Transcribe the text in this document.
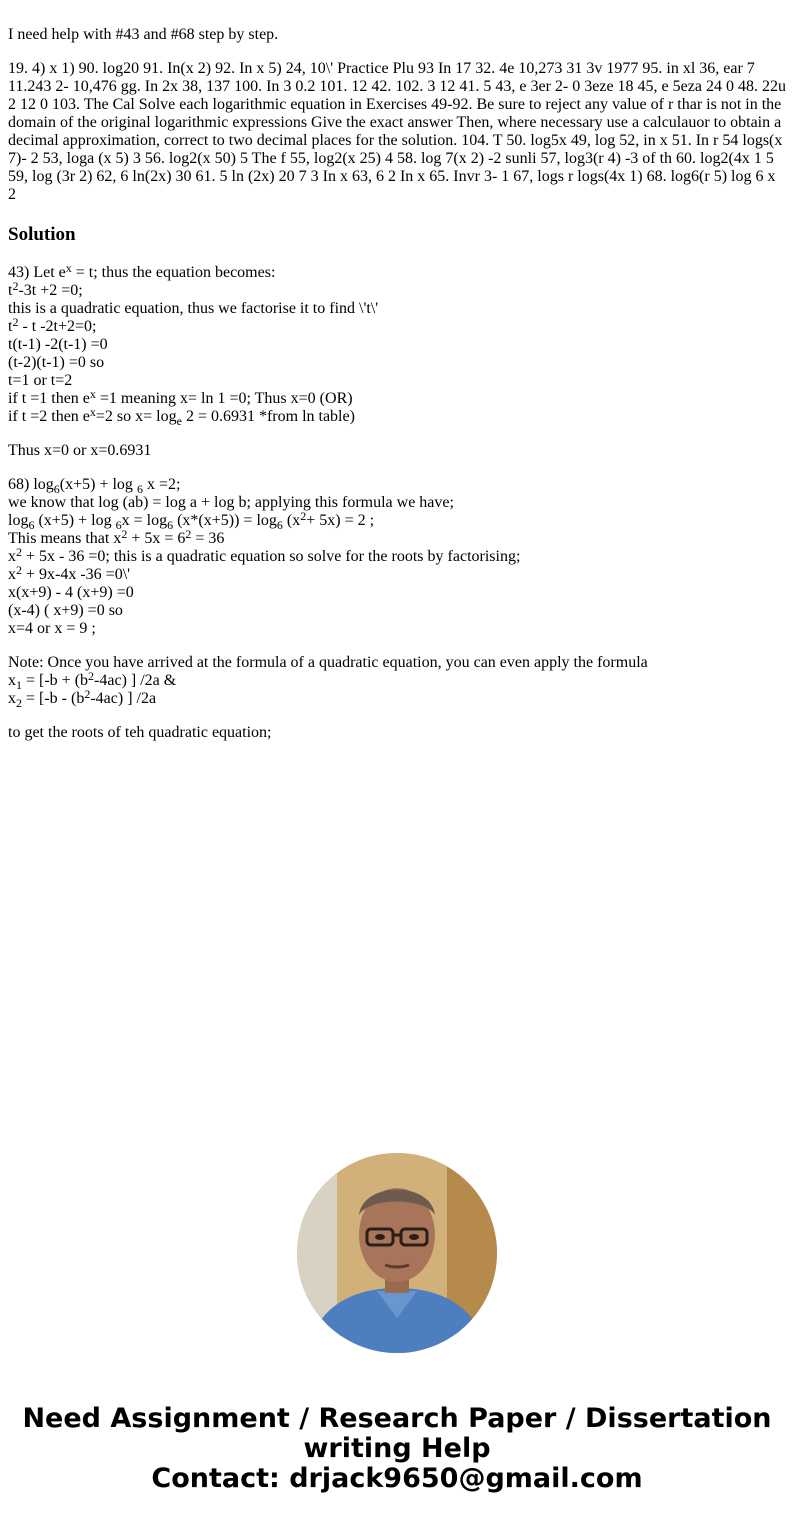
I need help with #43 and #68 step by step.

19. 4) x 1) 90. log20 91. In(x 2) 92. In x 5) 24, 10\' Practice Plu 93 In 17 32. 4e 10,273 31 3v 1977 95. in xl 36, ear 7 11.243 2- 10,476 gg. In 2x 38, 137 100. In 3 0.2 101. 12 42. 102. 3 12 41. 5 43, e 3er 2- 0 3eze 18 45, e 5eza 24 0 48. 22u 2 12 0 103. The Cal Solve each logarithmic equation in Exercises 49-92. Be sure to reject any value of r thar is not in the domain of the original logarithmic expressions Give the exact answer Then, where necessary use a calculauor to obtain a decimal approximation, correct to two decimal places for the solution. 104. T 50. log5x 49, log 52, in x 51. In r 54 logs(x 7)- 2 53, loga (x 5) 3 56. log2(x 50) 5 The f 55, log2(x 25) 4 58. log 7(x 2) -2 sunli 57, log3(r 4) -3 of th 60. log2(4x 1 5 59, log (3r 2) 62, 6 ln(2x) 30 61. 5 ln (2x) 20 7 3 In x 63, 6 2 In x 65. Invr 3- 1 67, logs r logs(4x 1) 68. log6(r 5) log 6 x 2

Solution

43) Let $e^x = t$; thus the equation becomes:

$t^2-3t +2 =0$;

this is a quadratic equation, thus we factorise it to find \'t\'

$t^2$ - t -2t+2=0;

t(t-1) -2(t-1) =0

(t-2)(t-1) =0 so

t=1 or t=2

if t =1 then $e^x =1$ meaning x= ln 1 =0; Thus x=0 (OR)

if t =2 then $e^x=2$ so $x= \log_e 2 = 0.6931$ *from ln table)

Thus x=0 or x=0.6931

68) $\log_6(x+5) + \log _6$ x =2;

we know that log (ab) = log a + log b; applying this formula we have;

$\log_6 (x+5) + \log _6x = \log_6 (x*(x+5)) = \log_6 (x^2+ 5x) = 2$ ;

This means that $x^2 + 5x = 6^2 = 36$

$x^2 + 5x - 36 =0$; this is a quadratic equation so solve for the roots by factorising;

$x^2 + 9x-4x$ -36 =0\'

x(x+9) - 4 (x+9) =0

(x-4) ( x+9) =0 so

x=4 or x = 9 ;

Note: Once you have arrived at the formula of a quadratic equation, you can even apply the formula

$x_1 = [-b + (b^2-4ac)$ ] /2a &

$x_2 = [-b - (b^2-4ac)$ ] /2a

to get the roots of teh quadratic equation;

Need Assignment / Research Paper / Dissertation
writing Help
Contact: drjack9650@gmail.com
